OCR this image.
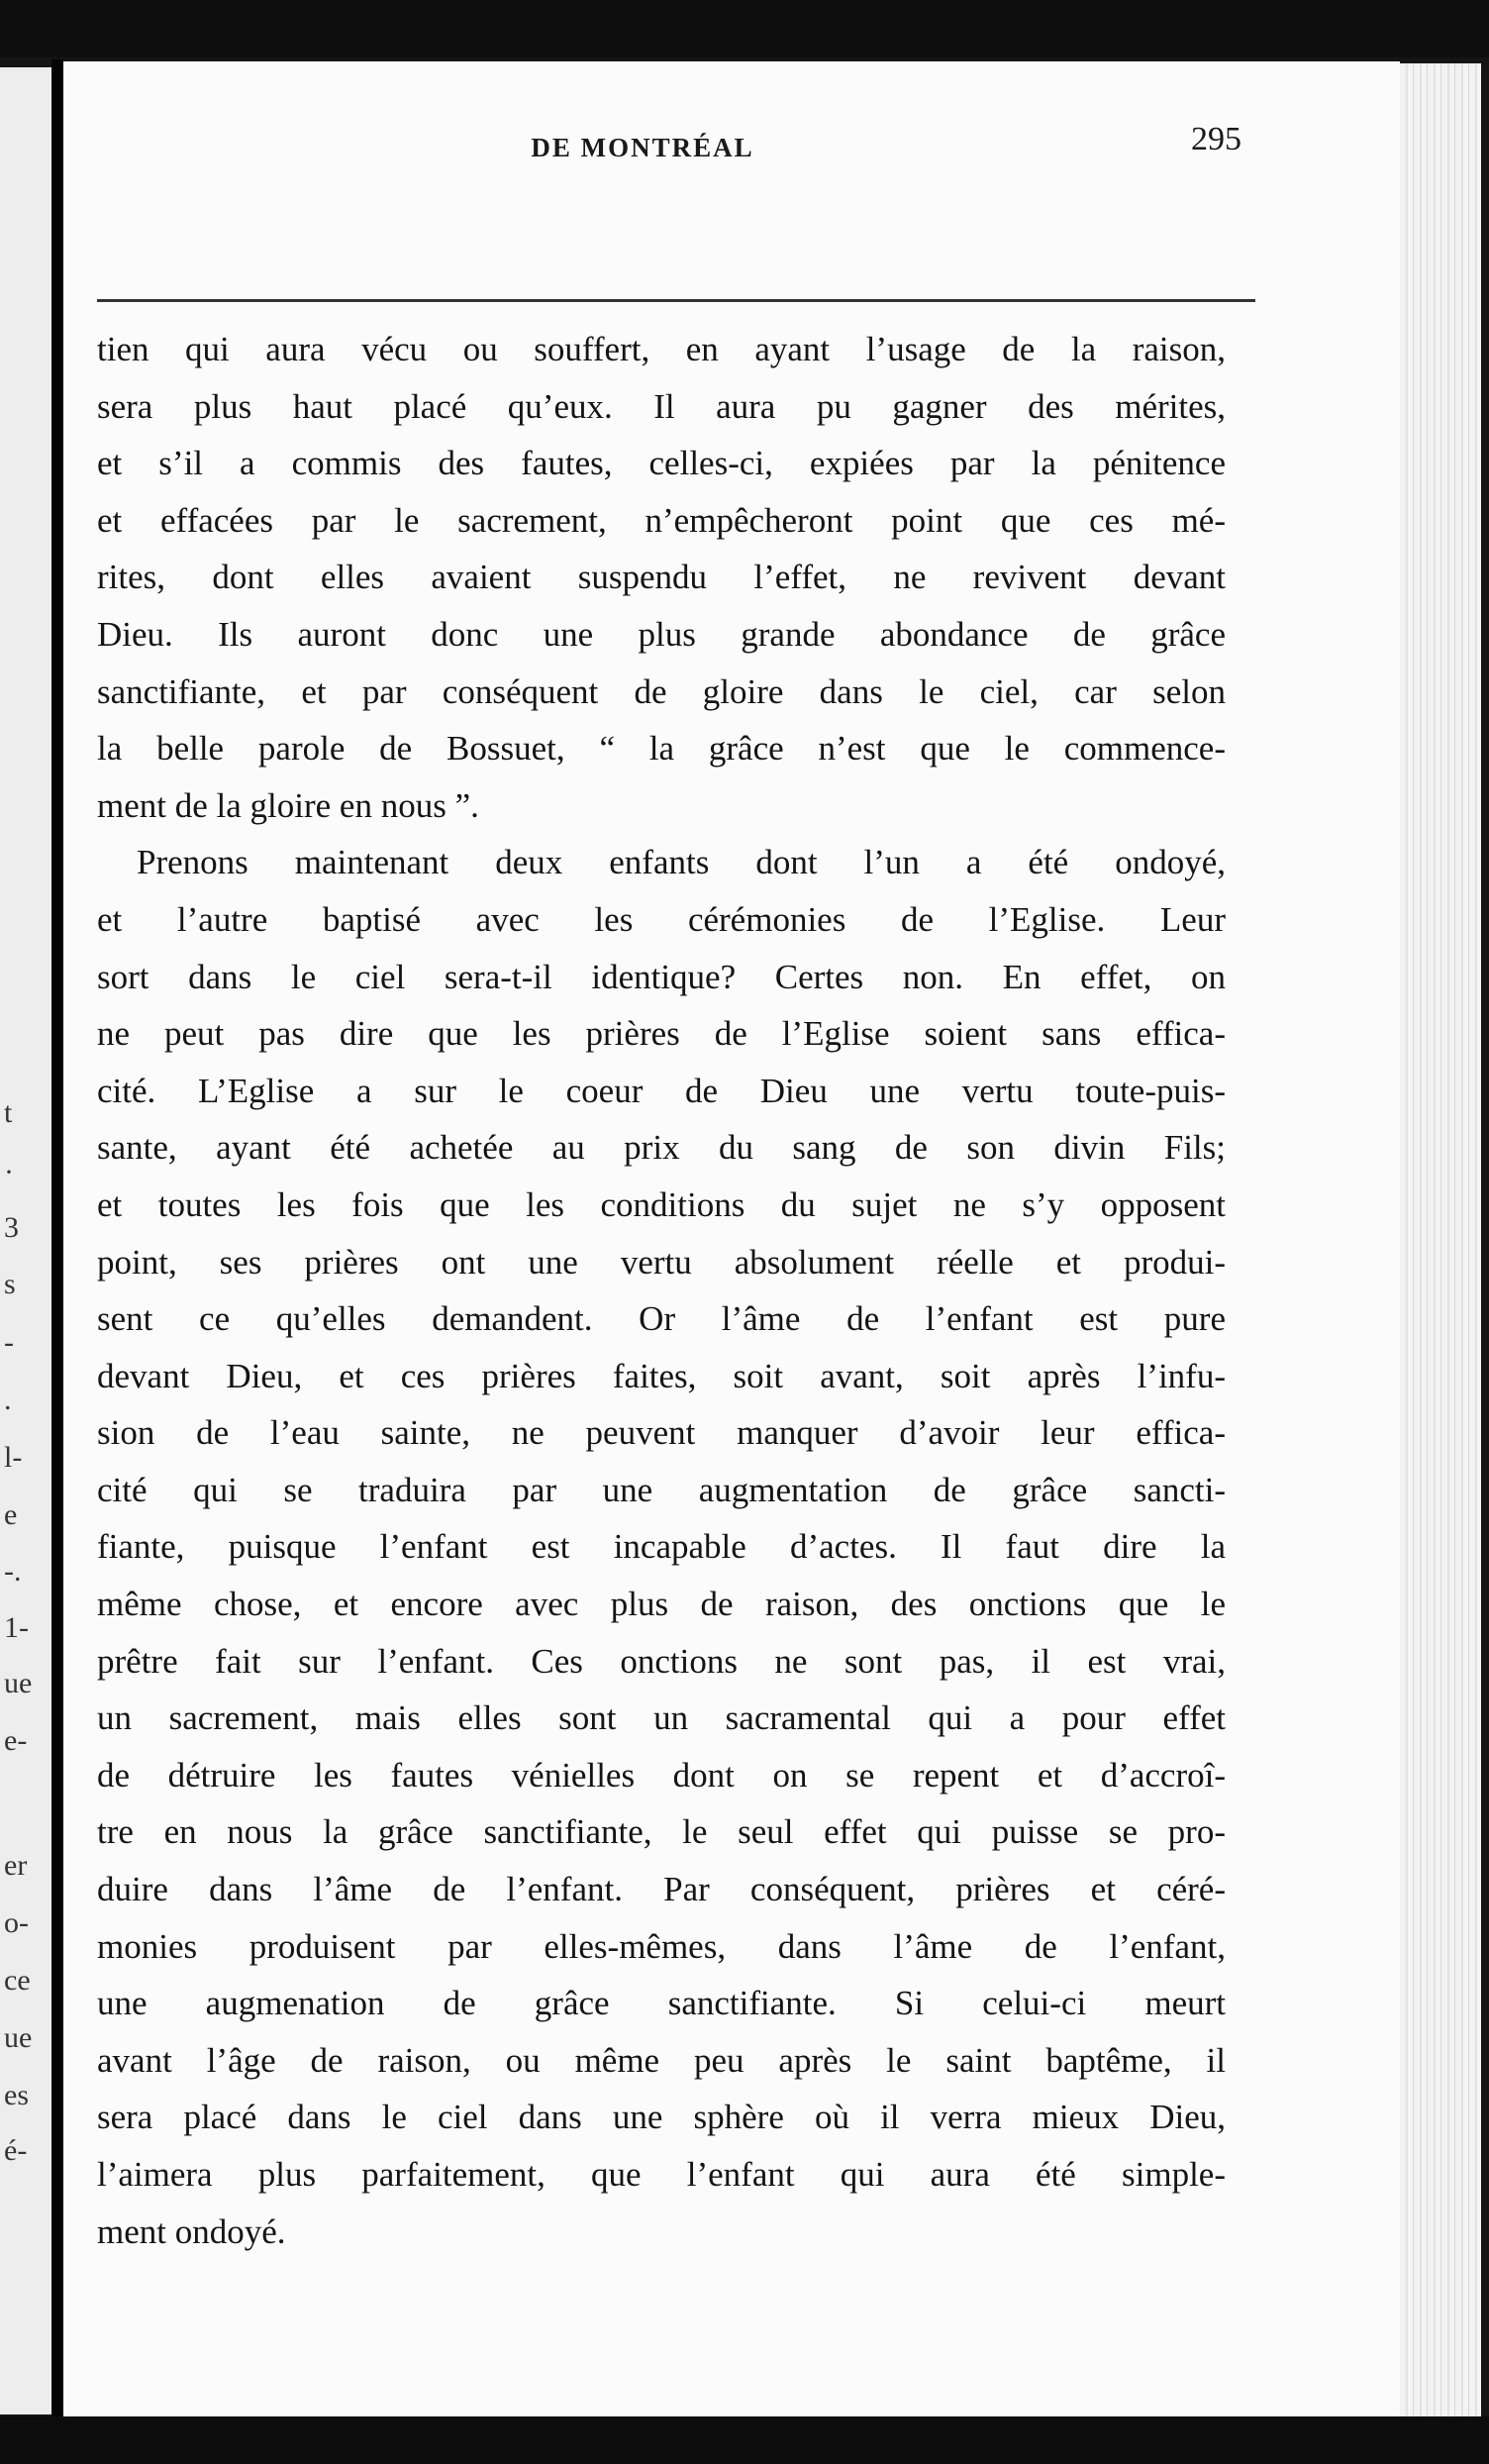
t
·
3
s
-
.
l-
e
-.
1-
ue
e-
er
o-
ce
ue
es
é-
DE MONTRÉAL	295
tien qui aura vécu ou souffert, en ayant l’usage de la raison,
sera plus haut placé qu’eux. Il aura pu gagner des mérites,
et s’il a commis des fautes, celles-ci, expiées par la pénitence
et effacées par le sacrement, n’empêcheront point que ces mé-
rites, dont elles avaient suspendu l’effet, ne revivent devant
Dieu. Ils auront donc une plus grande abondance de grâce
sanctifiante, et par conséquent de gloire dans le ciel, car selon
la belle parole de Bossuet, “ la grâce n’est que le commence-
ment de la gloire en nous ”.
Prenons maintenant deux enfants dont l’un a été ondoyé,
et l’autre baptisé avec les cérémonies de l’Eglise. Leur
sort dans le ciel sera-t-il identique? Certes non. En effet, on
ne peut pas dire que les prières de l’Eglise soient sans effica-
cité. L’Eglise a sur le coeur de Dieu une vertu toute-puis-
sante, ayant été achetée au prix du sang de son divin Fils;
et toutes les fois que les conditions du sujet ne s’y opposent
point, ses prières ont une vertu absolument réelle et produi-
sent ce qu’elles demandent. Or l’âme de l’enfant est pure
devant Dieu, et ces prières faites, soit avant, soit après l’infu-
sion de l’eau sainte, ne peuvent manquer d’avoir leur effica-
cité qui se traduira par une augmentation de grâce sancti-
fiante, puisque l’enfant est incapable d’actes. Il faut dire la
même chose, et encore avec plus de raison, des onctions que le
prêtre fait sur l’enfant. Ces onctions ne sont pas, il est vrai,
un sacrement, mais elles sont un sacramental qui a pour effet
de détruire les fautes vénielles dont on se repent et d’accroî-
tre en nous la grâce sanctifiante, le seul effet qui puisse se pro-
duire dans l’âme de l’enfant. Par conséquent, prières et céré-
monies produisent par elles-mêmes, dans l’âme de l’enfant,
une augmenation de grâce sanctifiante. Si celui-ci meurt
avant l’âge de raison, ou même peu après le saint baptême, il
sera placé dans le ciel dans une sphère où il verra mieux Dieu,
l’aimera plus parfaitement, que l’enfant qui aura été simple-
ment ondoyé.
